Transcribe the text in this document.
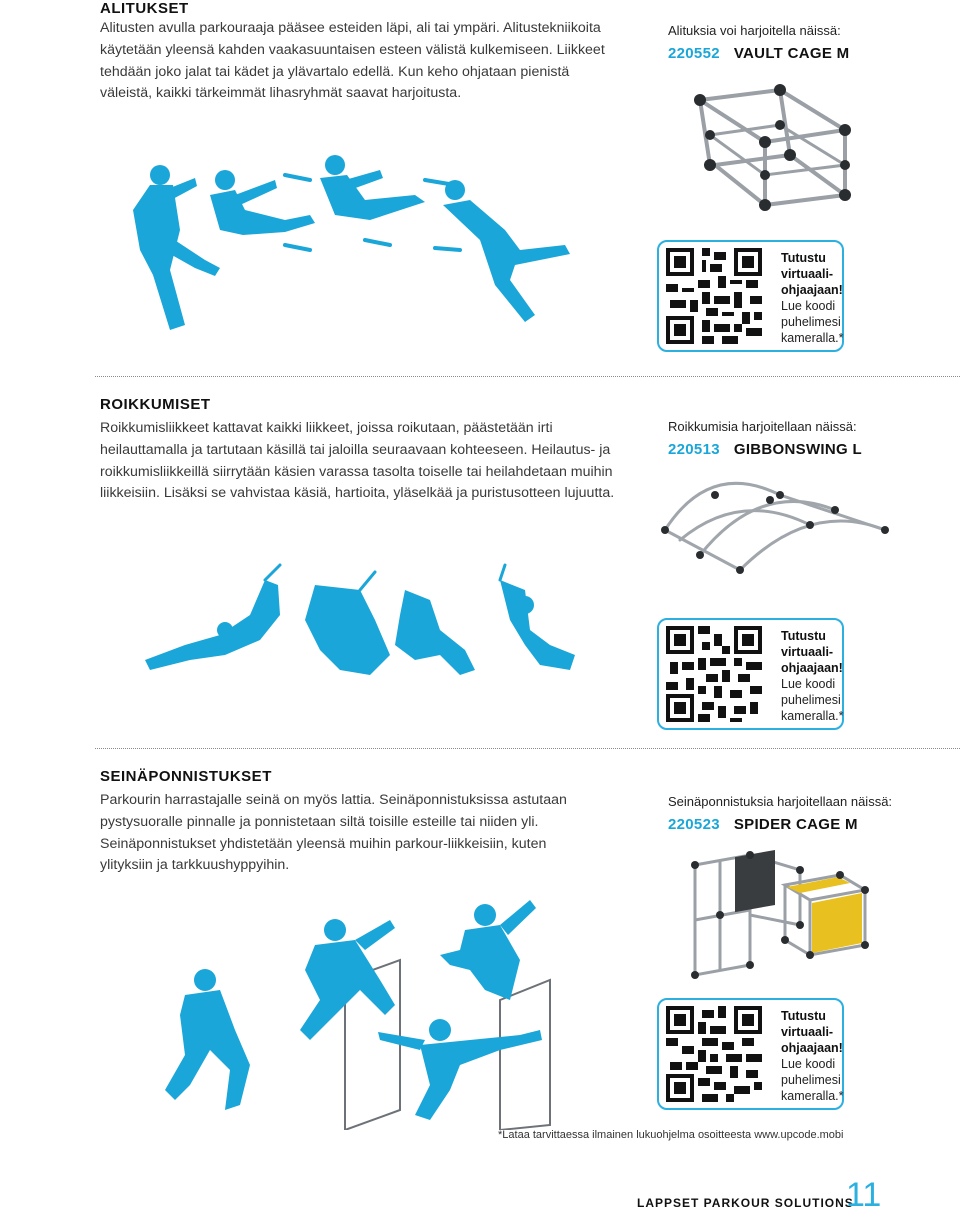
ALITUKSET
Alitusten avulla parkouraaja pääsee esteiden läpi, ali tai ympäri. Alitustekniikoita
käytetään yleensä kahden vaakasuuntaisen esteen välistä kulkemiseen. Liikkeet
tehdään joko jalat tai kädet ja ylävartalo edellä. Kun keho ohjataan pienistä
väleistä, kaikki tärkeimmät lihasryhmät saavat harjoitusta.
Alituksia voi harjoitella näissä:
220552 VAULT CAGE M
Tutustu
virtuaali-
ohjaajaan!
Lue koodi
puhelimesi
kameralla.*
ROIKKUMISET
Roikkumisliikkeet kattavat kaikki liikkeet, joissa roikutaan, päästetään irti
heilauttamalla ja tartutaan käsillä tai jaloilla seuraavaan kohteeseen. Heilautus- ja
roikkumisliikkeillä siirrytään käsien varassa tasolta toiselle tai heilahdetaan muihin
liikkeisiin. Lisäksi se vahvistaa käsiä, hartioita, yläselkää ja puristusotteen lujuutta.
Roikkumisia harjoitellaan näissä:
220513 GIBBONSWING L
Tutustu
virtuaali-
ohjaajaan!
Lue koodi
puhelimesi
kameralla.*
SEINÄPONNISTUKSET
Parkourin harrastajalle seinä on myös lattia. Seinäponnistuksissa astutaan
pystysuoralle pinnalle ja ponnistetaan siltä toisille esteille tai niiden yli.
Seinäponnistukset yhdistetään yleensä muihin parkour-liikkeisiin, kuten
ylityksiin ja tarkkuushyppyihin.
Seinäponnistuksia harjoitellaan näissä:
220523 SPIDER CAGE M
Tutustu
virtuaali-
ohjaajaan!
Lue koodi
puhelimesi
kameralla.*
*Lataa tarvittaessa ilmainen lukuohjelma osoitteesta www.upcode.mobi
LAPPSET PARKOUR SOLUTIONS
11
